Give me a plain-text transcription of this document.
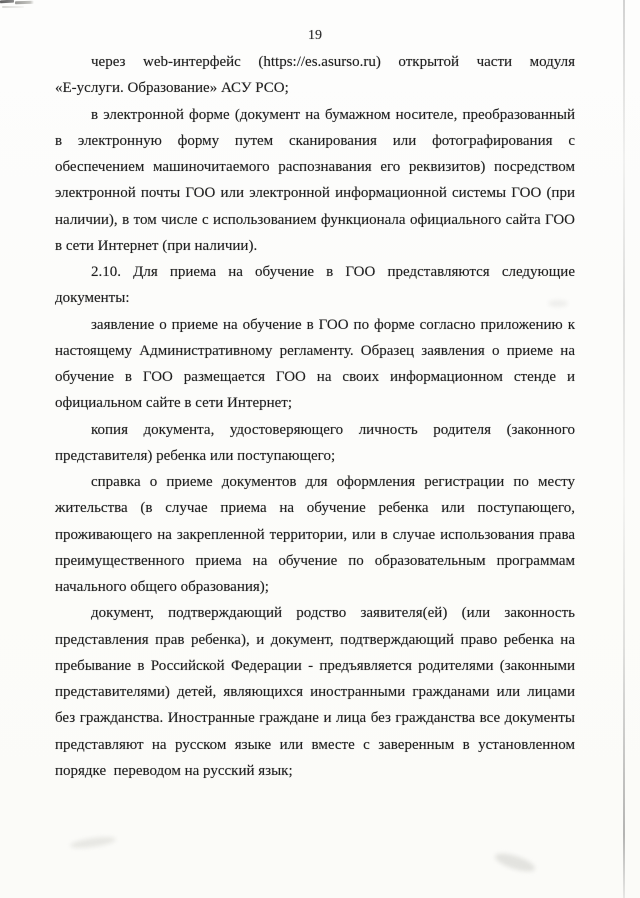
19
через web-интерфейс (https://es.asurso.ru) открытой части модуля
«Е-услуги. Образование» АСУ РСО;
в электронной форме (документ на бумажном носителе, преобразованный
в электронную форму путем сканирования или фотографирования с
обеспечением машиночитаемого распознавания его реквизитов) посредством
электронной почты ГОО или электронной информационной системы ГОО (при
наличии), в том числе с использованием функционала официального сайта ГОО
в сети Интернет (при наличии).
2.10. Для приема на обучение в ГОО представляются следующие
документы:
заявление о приеме на обучение в ГОО по форме согласно приложению к
настоящему Административному регламенту. Образец заявления о приеме на
обучение в ГОО размещается ГОО на своих информационном стенде и
официальном сайте в сети Интернет;
копия документа, удостоверяющего личность родителя (законного
представителя) ребенка или поступающего;
справка о приеме документов для оформления регистрации по месту
жительства (в случае приема на обучение ребенка или поступающего,
проживающего на закрепленной территории, или в случае использования права
преимущественного приема на обучение по образовательным программам
начального общего образования);
документ, подтверждающий родство заявителя(ей) (или законность
представления прав ребенка), и документ, подтверждающий право ребенка на
пребывание в Российской Федерации - предъявляется родителями (законными
представителями) детей, являющихся иностранными гражданами или лицами
без гражданства. Иностранные граждане и лица без гражданства все документы
представляют на русском языке или вместе с заверенным в установленном
порядке  переводом на русский язык;
